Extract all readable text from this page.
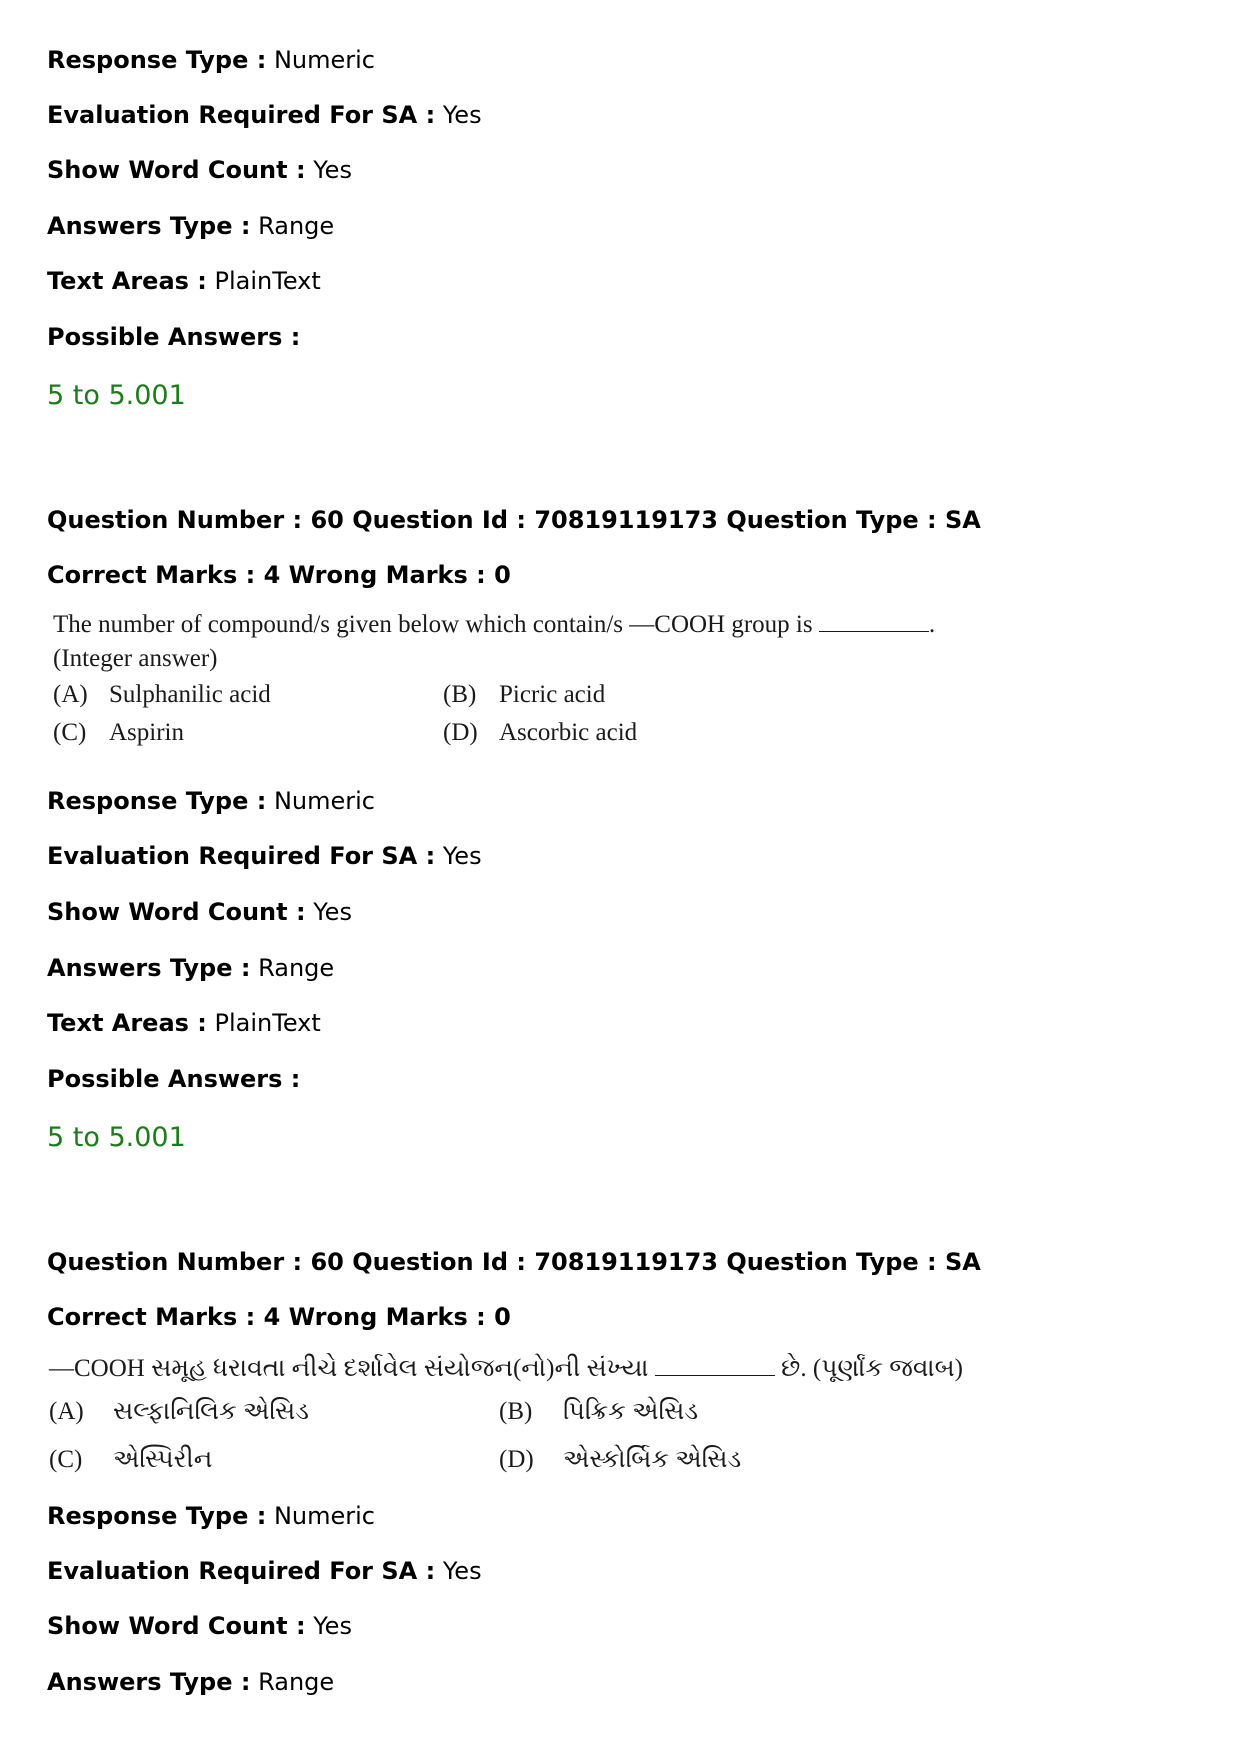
Response Type : Numeric
Evaluation Required For SA : Yes
Show Word Count : Yes
Answers Type : Range
Text Areas : PlainText
Possible Answers :
5 to 5.001
Question Number : 60 Question Id : 70819119173 Question Type : SA
Correct Marks : 4 Wrong Marks : 0
The number of compound/s given below which contain/s —COOH group is	.
(Integer answer)
(A) Sulphanilic acid	(B) Picric acid
(C) Aspirin	(D) Ascorbic acid
Response Type : Numeric
Evaluation Required For SA : Yes
Show Word Count : Yes
Answers Type : Range
Text Areas : PlainText
Possible Answers :
5 to 5.001
Question Number : 60 Question Id : 70819119173 Question Type : SA
Correct Marks : 4 Wrong Marks : 0
—COOH સમૂહ ધરાવતા નીચે દર્શાવેલ સંયોજન(નો)ની સંખ્યા	છે. (પૂર્ણાંક જવાબ)
(A) સલ્ફાનિલિક એસિડ	(B) પિક્રિક એસિડ
(C) એસ્પિરીન	(D) એસ્કોર્બિક એસિડ
Response Type : Numeric
Evaluation Required For SA : Yes
Show Word Count : Yes
Answers Type : Range
